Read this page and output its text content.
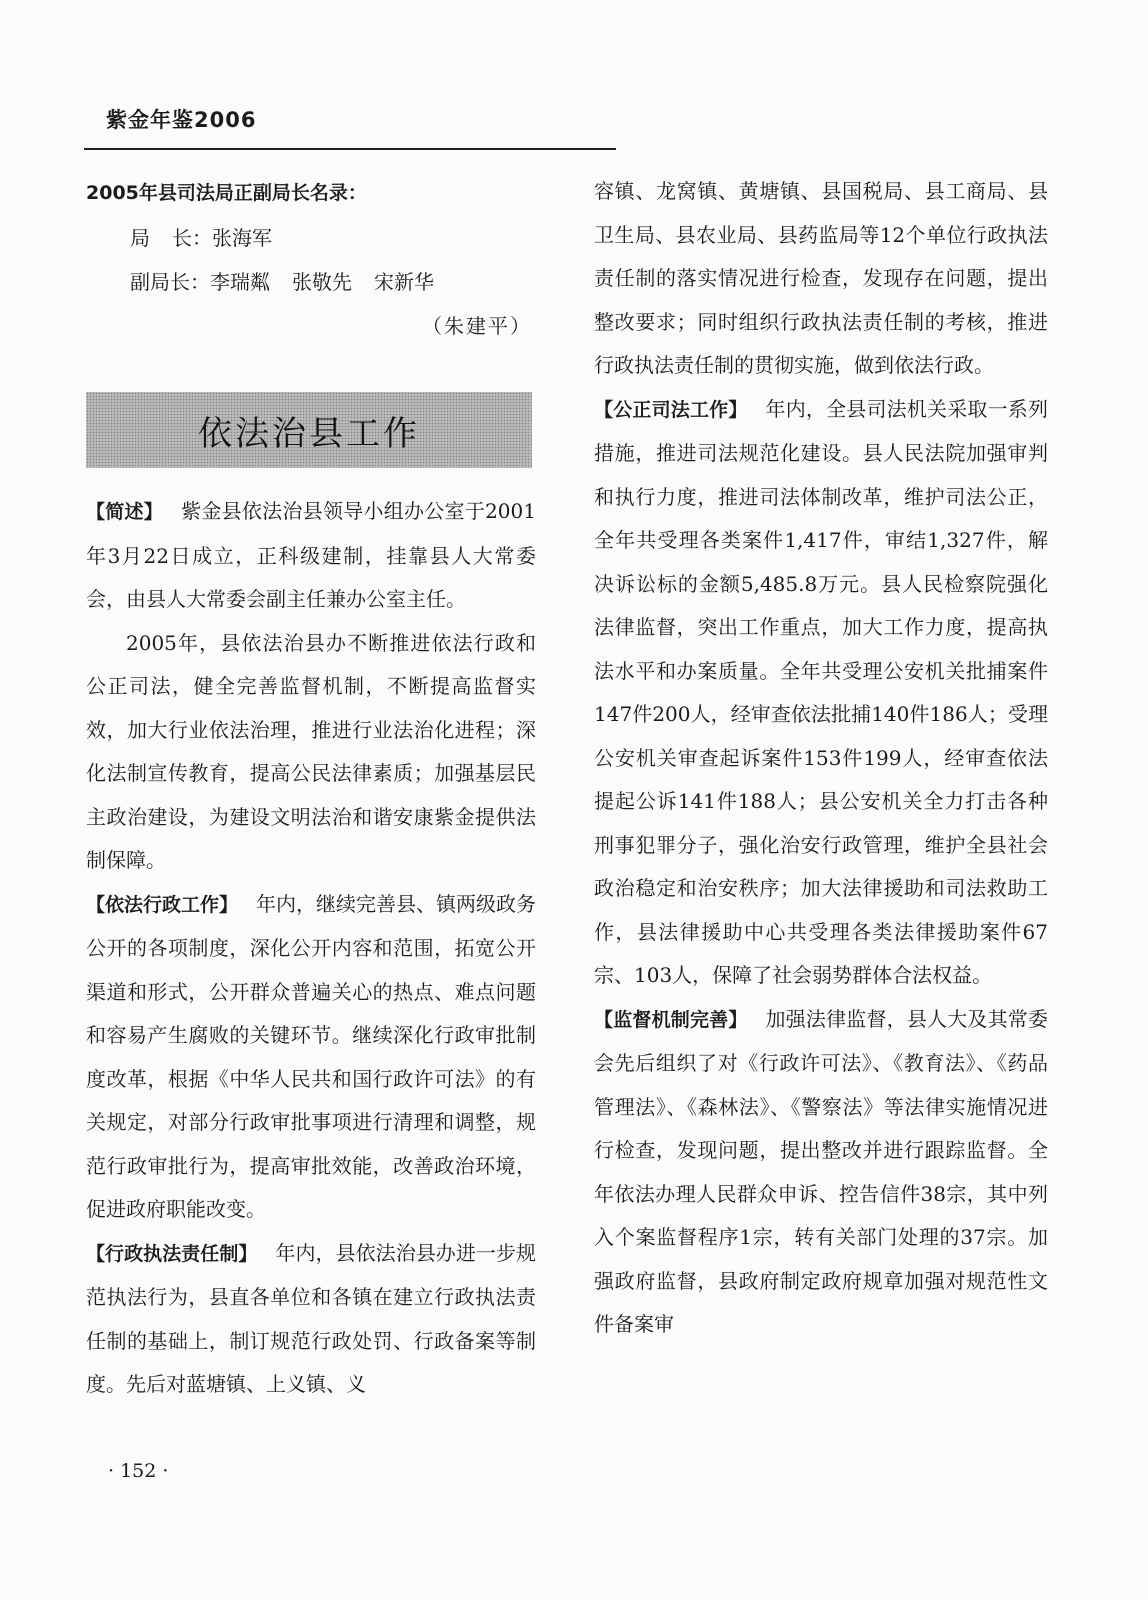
紫金年鉴2006
2005年县司法局正副局长名录：
局 长：张海军
副局长：李瑞粼 张敬先 宋新华
（朱建平）
依法治县工作

【简述】 紫金县依法治县领导小组办公室于2001年3月22日成立，正科级建制，挂靠县人大常委会，由县人大常委会副主任兼办公室主任。

2005年，县依法治县办不断推进依法行政和公正司法，健全完善监督机制，不断提高监督实效，加大行业依法治理，推进行业法治化进程；深化法制宣传教育，提高公民法律素质；加强基层民主政治建设，为建设文明法治和谐安康紫金提供法制保障。

【依法行政工作】 年内，继续完善县、镇两级政务公开的各项制度，深化公开内容和范围，拓宽公开渠道和形式，公开群众普遍关心的热点、难点问题和容易产生腐败的关键环节。继续深化行政审批制度改革，根据《中华人民共和国行政许可法》的有关规定，对部分行政审批事项进行清理和调整，规范行政审批行为，提高审批效能，改善政治环境，促进政府职能改变。

【行政执法责任制】 年内，县依法治县办进一步规范执法行为，县直各单位和各镇在建立行政执法责任制的基础上，制订规范行政处罚、行政备案等制度。先后对蓝塘镇、上义镇、义

容镇、龙窝镇、黄塘镇、县国税局、县工商局、县卫生局、县农业局、县药监局等12个单位行政执法责任制的落实情况进行检查，发现存在问题，提出整改要求；同时组织行政执法责任制的考核，推进行政执法责任制的贯彻实施，做到依法行政。

【公正司法工作】 年内，全县司法机关采取一系列措施，推进司法规范化建设。县人民法院加强审判和执行力度，推进司法体制改革，维护司法公正，全年共受理各类案件1,417件，审结1,327件，解决诉讼标的金额5,485.8万元。县人民检察院强化法律监督，突出工作重点，加大工作力度，提高执法水平和办案质量。全年共受理公安机关批捕案件147件200人，经审查依法批捕140件186人；受理公安机关审查起诉案件153件199人，经审查依法提起公诉141件188人；县公安机关全力打击各种刑事犯罪分子，强化治安行政管理，维护全县社会政治稳定和治安秩序；加大法律援助和司法救助工作，县法律援助中心共受理各类法律援助案件67宗、103人，保障了社会弱势群体合法权益。

【监督机制完善】 加强法律监督，县人大及其常委会先后组织了对《行政许可法》、《教育法》、《药品管理法》、《森林法》、《警察法》等法律实施情况进行检查，发现问题，提出整改并进行跟踪监督。全年依法办理人民群众申诉、控告信件38宗，其中列入个案监督程序1宗，转有关部门处理的37宗。加强政府监督，县政府制定政府规章加强对规范性文件备案审

· 152 ·
